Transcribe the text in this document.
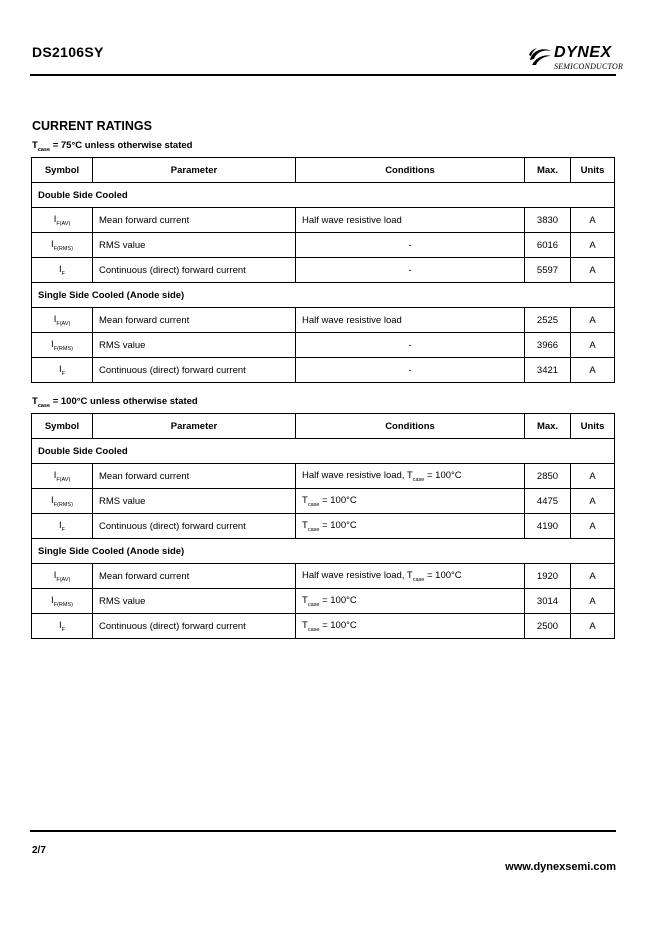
DS2106SY	DYNEX
SEMICONDUCTOR
CURRENT RATINGS
$T_{case} = 75^\circ C$ unless otherwise stated
Symbol	Parameter	Conditions	Max.	Units
Double Side Cooled				
$I_{F(AV)}$	Mean forward current	Half wave resistive load	3830	A
$I_{F(RMS)}$	RMS value	-	6016	A
$I_F$	Continuous (direct) forward current	-	5597	A
Single Side Cooled (Anode side)				
$I_{F(AV)}$	Mean forward current	Half wave resistive load	2525	A
$I_{F(RMS)}$	RMS value	-	3966	A
$I_F$	Continuous (direct) forward current	-	3421	A
$T_{case} = 100^\circ C$ unless otherwise stated
Symbol	Parameter	Conditions	Max.	Units
Double Side Cooled				
$I_{F(AV)}$	Mean forward current	Half wave resistive load, $T_{case} = 100^\circ C$	2850	A
$I_{F(RMS)}$	RMS value	$T_{case} = 100^\circ C$	4475	A
$I_F$	Continuous (direct) forward current	$T_{case} = 100^\circ C$	4190	A
Single Side Cooled (Anode side)				
$I_{F(AV)}$	Mean forward current	Half wave resistive load, $T_{case} = 100^\circ C$	1920	A
$I_{F(RMS)}$	RMS value	$T_{case} = 100^\circ C$	3014	A
$I_F$	Continuous (direct) forward current	$T_{case} = 100^\circ C$	2500	A
2/7
www.dynexsemi.com
